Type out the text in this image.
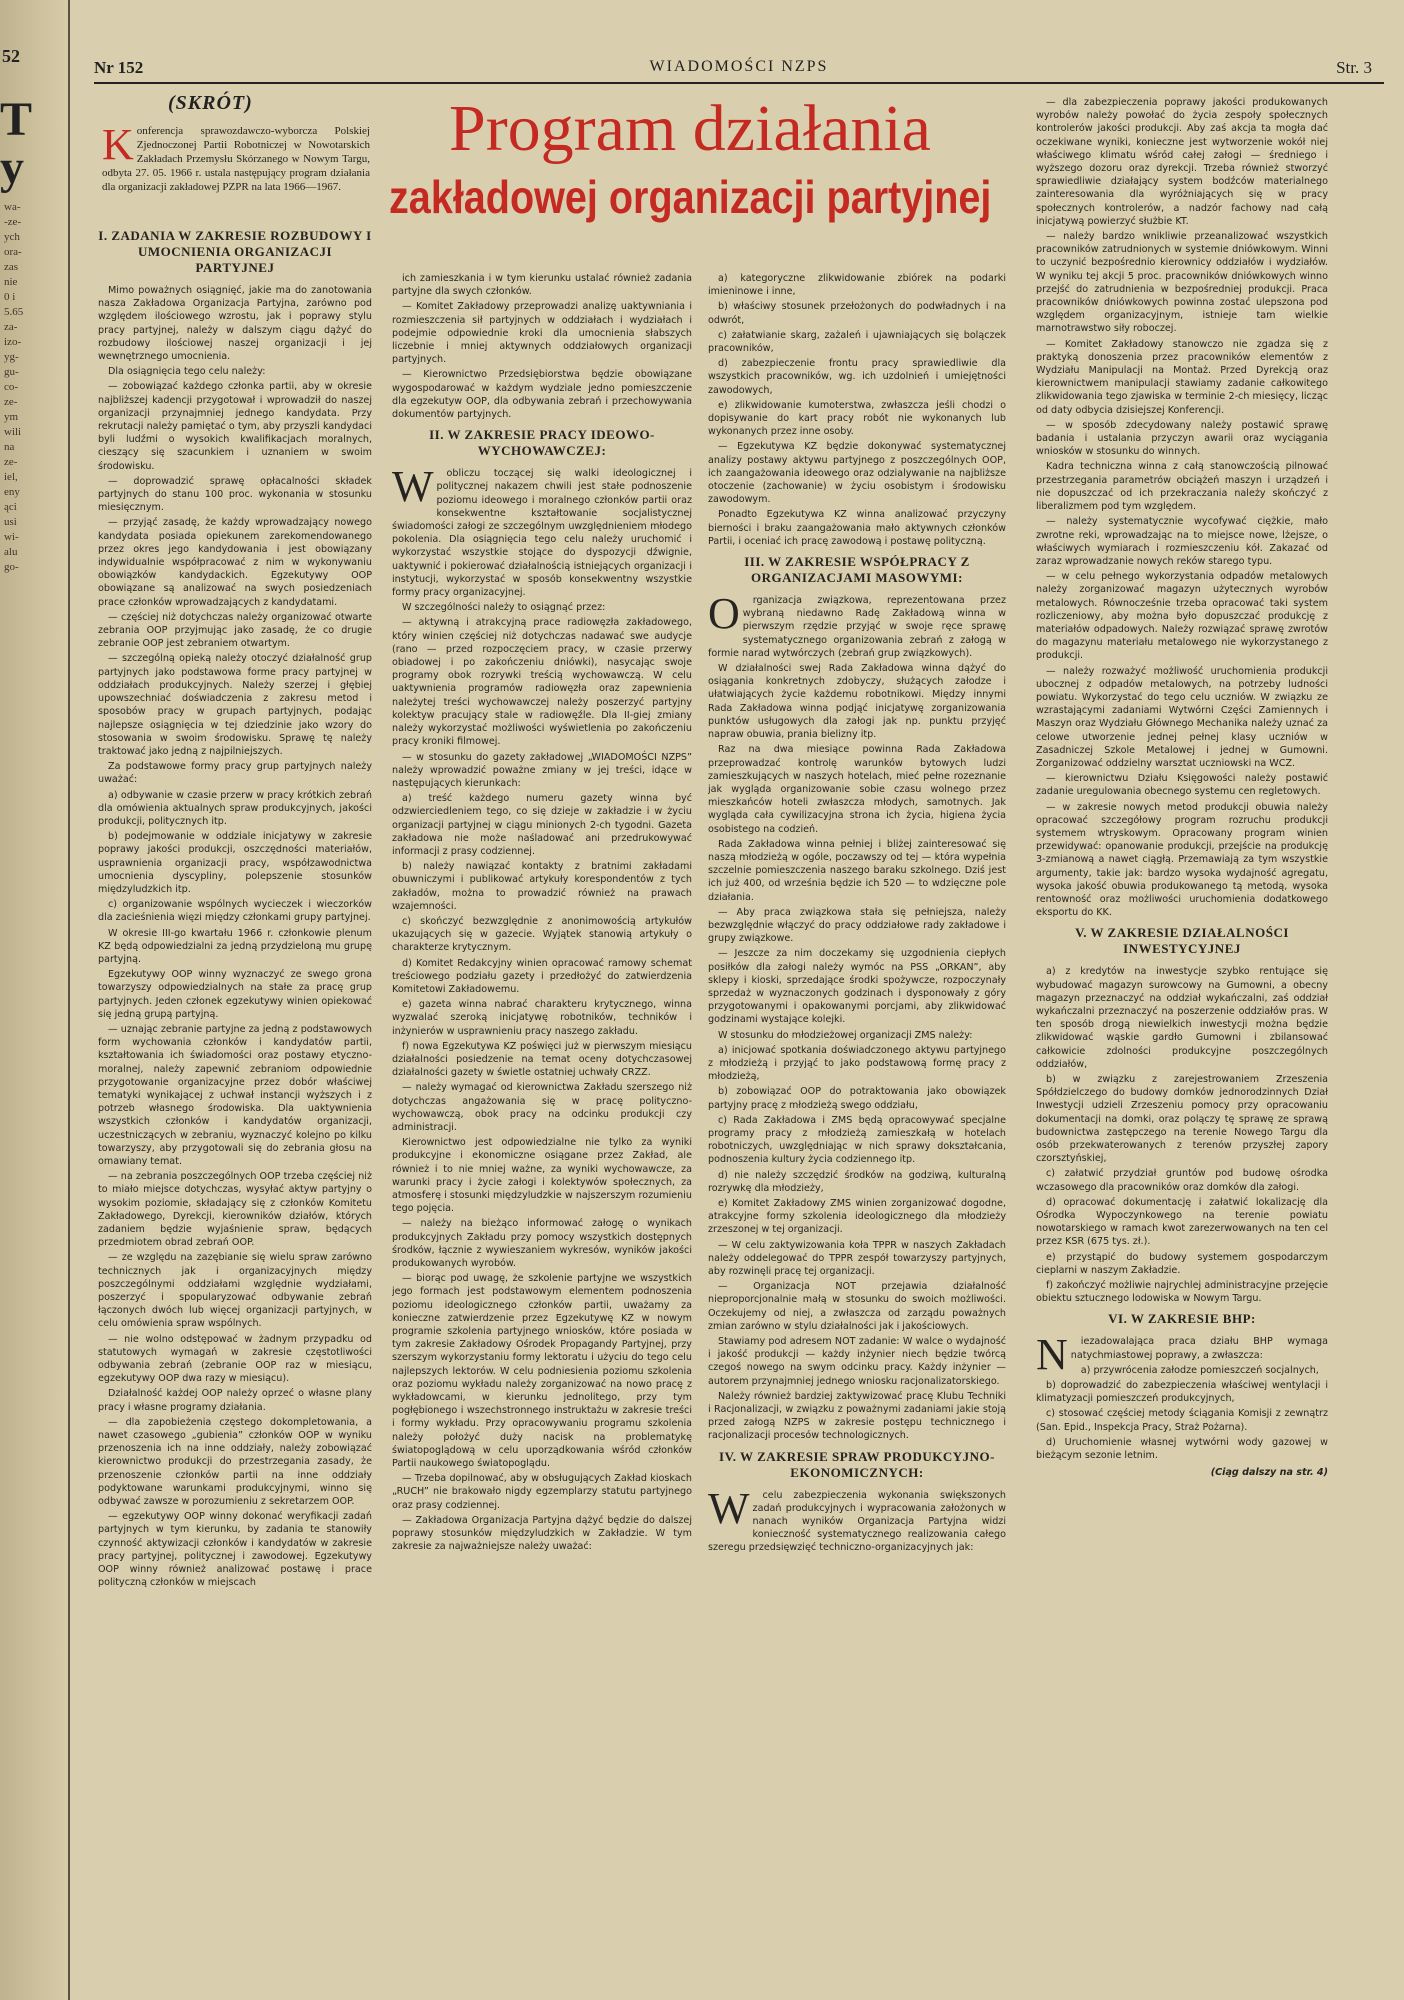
52
T
y
wa-
-ze-
ych
ora-
zas
nie
0 i
5.65
za-
izo-
yg-
gu-
co-
ze-
ym
wili
na
ze-
iel,
eny
ąci
usi
wi-
alu
go-
Nr 152	WIADOMOŚCI NZPS	Str. 3
(SKRÓT)	Program działania
zakładowej organizacji partyjnej
K onferencja sprawozdawczo-wyborcza Polskiej Zjednoczonej Partii Robotniczej w Nowotarskich Zakładach Przemysłu Skórzanego w Nowym Targu, odbyta 27. 05. 1966 r. ustala następujący program działania dla organizacji zakładowej PZPR na lata 1966—1967.

I. ZADANIA W ZAKRESIE ROZBUDOWY I UMOCNIENIA ORGANIZACJI PARTYJNEJ

Mimo poważnych osiągnięć, jakie ma do zanotowania nasza Zakładowa Organizacja Partyjna, zarówno pod względem ilościowego wzrostu, jak i poprawy stylu pracy partyjnej, należy w dalszym ciągu dążyć do rozbudowy ilościowej naszej organizacji i jej wewnętrznego umocnienia.

Dla osiągnięcia tego celu należy:

— zobowiązać każdego członka partii, aby w okresie najbliższej kadencji przygotował i wprowadził do naszej organizacji przynajmniej jednego kandydata. Przy rekrutacji należy pamiętać o tym, aby przyszli kandydaci byli ludźmi o wysokich kwalifikacjach moralnych, cieszący się szacunkiem i uznaniem w swoim środowisku.

— doprowadzić sprawę opłacalności składek partyjnych do stanu 100 proc. wykonania w stosunku miesięcznym.

— przyjąć zasadę, że każdy wprowadzający nowego kandydata posiada opiekunem zarekomendowanego przez okres jego kandydowania i jest obowiązany indywidualnie współpracować z nim w wykonywaniu obowiązków kandydackich. Egzekutywy OOP obowiązane są analizować na swych posiedzeniach prace członków wprowadzających z kandydatami.

— częściej niż dotychczas należy organizować otwarte zebrania OOP przyjmując jako zasadę, że co drugie zebranie OOP jest zebraniem otwartym.

— szczególną opieką należy otoczyć działalność grup partyjnych jako podstawowa forme pracy partyjnej w oddziałach produkcyjnych. Należy szerzej i głębiej upowszechniać doświadczenia z zakresu metod i sposobów pracy w grupach partyjnych, podając najlepsze osiągnięcia w tej dziedzinie jako wzory do stosowania w swoim środowisku. Sprawę tę należy traktować jako jedną z najpilniejszych.

Za podstawowe formy pracy grup partyjnych należy uważać:

a) odbywanie w czasie przerw w pracy krótkich zebrań dla omówienia aktualnych spraw produkcyjnych, jakości produkcji, politycznych itp.

b) podejmowanie w oddziale inicjatywy w zakresie poprawy jakości produkcji, oszczędności materiałów, usprawnienia organizacji pracy, współzawodnictwa umocnienia dyscypliny, polepszenie stosunków międzyludzkich itp.

c) organizowanie wspólnych wycieczek i wieczorków dla zacieśnienia więzi między członkami grupy partyjnej.

W okresie III-go kwartału 1966 r. członkowie plenum KZ będą odpowiedzialni za jedną przydzieloną mu grupę partyjną.

Egzekutywy OOP winny wyznaczyć ze swego grona towarzyszy odpowiedzialnych na stałe za pracę grup partyjnych. Jeden członek egzekutywy winien opiekować się jedną grupą partyjną.

— uznając zebranie partyjne za jedną z podstawowych form wychowania członków i kandydatów partii, kształtowania ich świadomości oraz postawy etyczno-moralnej, należy zapewnić zebraniom odpowiednie przygotowanie organizacyjne przez dobór właściwej tematyki wynikającej z uchwał instancji wyższych i z potrzeb własnego środowiska. Dla uaktywnienia wszystkich członków i kandydatów organizacji, uczestniczących w zebraniu, wyznaczyć kolejno po kilku towarzyszy, aby przygotowali się do zebrania głosu na omawiany temat.

— na zebrania poszczególnych OOP trzeba częściej niż to miało miejsce dotychczas, wysyłać aktyw partyjny o wysokim poziomie, składający się z członków Komitetu Zakładowego, Dyrekcji, kierowników działów, których zadaniem będzie wyjaśnienie spraw, będących przedmiotem obrad zebrań OOP.

— ze względu na zazębianie się wielu spraw zarówno technicznych jak i organizacyjnych między poszczególnymi oddziałami względnie wydziałami, poszerzyć i spopularyzować odbywanie zebrań łączonych dwóch lub więcej organizacji partyjnych, w celu omówienia spraw wspólnych.

— nie wolno odstępować w żadnym przypadku od statutowych wymagań w zakresie częstotliwości odbywania zebrań (zebranie OOP raz w miesiącu, egzekutywy OOP dwa razy w miesiącu).

Działalność każdej OOP należy oprzeć o własne plany pracy i własne programy działania.

— dla zapobieżenia częstego dokompletowania, a nawet czasowego „gubienia” członków OOP w wyniku przenoszenia ich na inne oddziały, należy zobowiązać kierownictwo produkcji do przestrzegania zasady, że przenoszenie członków partii na inne oddziały podyktowane warunkami produkcyjnymi, winno się odbywać zawsze w porozumieniu z sekretarzem OOP.

— egzekutywy OOP winny dokonać weryfikacji zadań partyjnych w tym kierunku, by zadania te stanowiły czynność aktywizacji członków i kandydatów w zakresie pracy partyjnej, politycznej i zawodowej. Egzekutywy OOP winny również analizować postawę i prace polityczną członków w miejscach

ich zamieszkania i w tym kierunku ustalać również zadania partyjne dla swych członków.

— Komitet Zakładowy przeprowadzi analizę uaktywniania i rozmieszczenia sił partyjnych w oddziałach i wydziałach i podejmie odpowiednie kroki dla umocnienia słabszych liczebnie i mniej aktywnych oddziałowych organizacji partyjnych.

— Kierownictwo Przedsiębiorstwa będzie obowiązane wygospodarować w każdym wydziale jedno pomieszczenie dla egzekutyw OOP, dla odbywania zebrań i przechowywania dokumentów partyjnych.

II. W ZAKRESIE PRACY IDEOWO-WYCHOWAWCZEJ:
W	obliczu toczącej się walki ideologicznej i politycznej nakazem chwili jest stałe podnoszenie poziomu ideowego i moralnego członków partii oraz konsekwentne kształtowanie socjalistycznej świadomości załogi ze szczególnym uwzględnieniem młodego pokolenia. Dla osiągnięcia tego celu należy uruchomić i wykorzystać wszystkie stojące do dyspozycji dźwignie, uaktywnić i pokierować działalnością istniejących organizacji i instytucji, wykorzystać w sposób konsekwentny wszystkie formy pracy organizacyjnej.

W szczególności należy to osiągnąć przez:

— aktywną i atrakcyjną prace radiowęzła zakładowego, który winien częściej niż dotychczas nadawać swe audycje (rano — przed rozpoczęciem pracy, w czasie przerwy obiadowej i po zakończeniu dniówki), nasycając swoje programy obok rozrywki treścią wychowawczą. W celu uaktywnienia programów radiowęzła oraz zapewnienia należytej treści wychowawczej należy poszerzyć partyjny kolektyw pracujący stale w radiowęźle. Dla II-giej zmiany należy wykorzystać możliwości wyświetlenia po zakończeniu pracy kroniki filmowej.

— w stosunku do gazety zakładowej „WIADOMOŚCI NZPS” należy wprowadzić poważne zmiany w jej treści, idące w następujących kierunkach:

a) treść każdego numeru gazety winna być odzwierciedleniem tego, co się dzieje w zakładzie i w życiu organizacji partyjnej w ciągu minionych 2-ch tygodni. Gazeta zakładowa nie może naśladować ani przedrukowywać informacji z prasy codziennej.

b) należy nawiązać kontakty z bratnimi zakładami obuwniczymi i publikować artykuły korespondentów z tych zakładów, można to prowadzić również na prawach wzajemności.

c) skończyć bezwzględnie z anonimowością artykułów ukazujących się w gazecie. Wyjątek stanowią artykuły o charakterze krytycznym.

d) Komitet Redakcyjny winien opracować ramowy schemat treściowego podziału gazety i przedłożyć do zatwierdzenia Komitetowi Zakładowemu.

e) gazeta winna nabrać charakteru krytycznego, winna wyzwalać szeroką inicjatywę robotników, techników i inżynierów w usprawnieniu pracy naszego zakładu.

f) nowa Egzekutywa KZ poświęci już w pierwszym miesiącu działalności posiedzenie na temat oceny dotychczasowej działalności gazety w świetle ostatniej uchwały CRZZ.

— należy wymagać od kierownictwa Zakładu szerszego niż dotychczas angażowania się w pracę polityczno-wychowawczą, obok pracy na odcinku produkcji czy administracji.

Kierownictwo jest odpowiedzialne nie tylko za wyniki produkcyjne i ekonomiczne osiągane przez Zakład, ale również i to nie mniej ważne, za wyniki wychowawcze, za warunki pracy i życie załogi i kolektywów społecznych, za atmosferę i stosunki międzyludzkie w najszerszym rozumieniu tego pojęcia.

— należy na bieżąco informować załogę o wynikach produkcyjnych Zakładu przy pomocy wszystkich dostępnych środków, łącznie z wywieszaniem wykresów, wyników jakości produkowanych wyrobów.

— biorąc pod uwagę, że szkolenie partyjne we wszystkich jego formach jest podstawowym elementem podnoszenia poziomu ideologicznego członków partii, uważamy za konieczne zatwierdzenie przez Egzekutywę KZ w nowym programie szkolenia partyjnego wniosków, które posiada w tym zakresie Zakładowy Ośrodek Propagandy Partyjnej, przy szerszym wykorzystaniu formy lektoratu i użyciu do tego celu najlepszych lektorów. W celu podniesienia poziomu szkolenia oraz poziomu wykładu należy zorganizować na nowo pracę z wykładowcami, w kierunku jednolitego, przy tym pogłębionego i wszechstronnego instruktażu w zakresie treści i formy wykładu. Przy opracowywaniu programu szkolenia należy położyć duży nacisk na problematykę światopoglądową w celu uporządkowania wśród członków Partii naukowego światopoglądu.

— Trzeba dopilnować, aby w obsługujących Zakład kioskach „RUCH” nie brakowało nigdy egzemplarzy statutu partyjnego oraz prasy codziennej.

— Zakładowa Organizacja Partyjna dążyć będzie do dalszej poprawy stosunków międzyludzkich w Zakładzie. W tym zakresie za najważniejsze należy uważać:

a) kategoryczne zlikwidowanie zbiórek na podarki imieninowe i inne,

b) właściwy stosunek przełożonych do podwładnych i na odwrót,

c) załatwianie skarg, zażaleń i ujawniających się bolączek pracowników,

d) zabezpieczenie frontu pracy sprawiedliwie dla wszystkich pracowników, wg. ich uzdolnień i umiejętności zawodowych,

e) zlikwidowanie kumoterstwa, zwłaszcza jeśli chodzi o dopisywanie do kart pracy robót nie wykonanych lub wykonanych przez inne osoby.

— Egzekutywa KZ będzie dokonywać systematycznej analizy postawy aktywu partyjnego z poszczególnych OOP, ich zaangażowania ideowego oraz odzialywanie na najbliższe otoczenie (zachowanie) w życiu osobistym i środowisku zawodowym.

Ponadto Egzekutywa KZ winna analizować przyczyny bierności i braku zaangażowania mało aktywnych członków Partii, i oceniać ich pracę zawodową i postawę polityczną.

III. W ZAKRESIE WSPÓŁPRACY Z ORGANIZACJAMI MASOWYMI:
O	rganizacja związkowa, reprezentowana przez wybraną niedawno Radę Zakładową winna w pierwszym rzędzie przyjąć w swoje ręce sprawę systematycznego organizowania zebrań z załogą w formie narad wytwórczych (zebrań grup związkowych).

W działalności swej Rada Zakładowa winna dążyć do osiągania konkretnych zdobyczy, służących załodze i ułatwiających życie każdemu robotnikowi. Między innymi Rada Zakładowa winna podjąć inicjatywę zorganizowania punktów usługowych dla załogi jak np. punktu przyjęć napraw obuwia, prania bielizny itp.

Raz na dwa miesiące powinna Rada Zakładowa przeprowadzać kontrolę warunków bytowych ludzi zamieszkujących w naszych hotelach, mieć pełne rozeznanie jak wygląda organizowanie sobie czasu wolnego przez mieszkańców hoteli zwłaszcza młodych, samotnych. Jak wygląda cała cywilizacyjna strona ich życia, higiena życia osobistego na codzień.

Rada Zakładowa winna pełniej i bliżej zainteresować się naszą młodzieżą w ogóle, poczawszy od tej — która wypełnia szczelnie pomieszczenia naszego baraku szkolnego. Dziś jest ich już 400, od września będzie ich 520 — to wdzięczne pole działania.

— Aby praca związkowa stała się pełniejsza, należy bezwzględnie włączyć do pracy oddziałowe rady zakładowe i grupy związkowe.

— Jeszcze za nim doczekamy się uzgodnienia ciepłych posiłków dla załogi należy wymóc na PSS „ORKAN”, aby sklepy i kioski, sprzedające środki spożywcze, rozpoczynały sprzedaż w wyznaczonych godzinach i dysponowały z góry przygotowanymi i opakowanymi porcjami, aby zlikwidować godzinami wystające kolejki.

W stosunku do młodzieżowej organizacji ZMS należy:

a) inicjować spotkania doświadczonego aktywu partyjnego z młodzieżą i przyjąć to jako podstawową formę pracy z młodzieżą,

b) zobowiązać OOP do potraktowania jako obowiązek partyjny pracę z młodzieżą swego oddziału,

c) Rada Zakładowa i ZMS będą opracowywać specjalne programy pracy z młodzieżą zamieszkałą w hotelach robotniczych, uwzględniając w nich sprawy dokształcania, podnoszenia kultury życia codziennego itp.

d) nie należy szczędzić środków na godziwą, kulturalną rozrywkę dla młodzieży,

e) Komitet Zakładowy ZMS winien zorganizować dogodne, atrakcyjne formy szkolenia ideologicznego dla młodzieży zrzeszonej w tej organizacji.

— W celu zaktywizowania koła TPPR w naszych Zakładach należy oddelegować do TPPR zespół towarzyszy partyjnych, aby rozwinęli pracę tej organizacji.

— Organizacja NOT przejawia działalność nieproporcjonalnie małą w stosunku do swoich możliwości. Oczekujemy od niej, a zwłaszcza od zarządu poważnych zmian zarówno w stylu działalności jak i jakościowych.

Stawiamy pod adresem NOT zadanie: W walce o wydajność i jakość produkcji — każdy inżynier niech będzie twórcą czegoś nowego na swym odcinku pracy. Każdy inżynier — autorem przynajmniej jednego wniosku racjonalizatorskiego.

Należy również bardziej zaktywizować pracę Klubu Techniki i Racjonalizacji, w związku z poważnymi zadaniami jakie stoją przed załogą NZPS w zakresie postępu technicznego i racjonalizacji procesów technologicznych.

IV. W ZAKRESIE SPRAW PRODUKCYJNO-EKONOMICZNYCH:
W	celu zabezpieczenia wykonania swiększonych zadań produkcyjnych i wypracowania założonych w nanach wyników Organizacja Partyjna widzi konieczność systematycznego realizowania całego szeregu przedsięwzięć techniczno-organizacyjnych jak:

— dla zabezpieczenia poprawy jakości produkowanych wyrobów należy powołać do życia zespoły społecznych kontrolerów jakości produkcji. Aby zaś akcja ta mogła dać oczekiwane wyniki, konieczne jest wytworzenie wokół niej właściwego klimatu wśród całej załogi — średniego i wyższego dozoru oraz dyrekcji. Trzeba również stworzyć sprawiedliwie działający system bodźców materialnego zainteresowania dla wyróżniających się w pracy społecznych kontrolerów, a nadzór fachowy nad całą inicjatywą powierzyć służbie KT.

— należy bardzo wnikliwie przeanalizować wszystkich pracowników zatrudnionych w systemie dniówkowym. Winni to uczynić bezpośrednio kierownicy oddziałów i wydziałów. W wyniku tej akcji 5 proc. pracowników dniówkowych winno przejść do zatrudnienia w bezpośredniej produkcji. Praca pracowników dniówkowych powinna zostać ulepszona pod względem organizacyjnym, istnieje tam wielkie marnotrawstwo siły roboczej.

— Komitet Zakładowy stanowczo nie zgadza się z praktyką donoszenia przez pracowników elementów z Wydziału Manipulacji na Montaż. Przed Dyrekcją oraz kierownictwem manipulacji stawiamy zadanie całkowitego zlikwidowania tego zjawiska w terminie 2-ch miesięcy, licząc od daty odbycia dzisiejszej Konferencji.

— w sposób zdecydowany należy postawić sprawę badania i ustalania przyczyn awarii oraz wyciągania wniosków w stosunku do winnych.

Kadra techniczna winna z całą stanowczością pilnować przestrzegania parametrów obciążeń maszyn i urządzeń i nie dopuszczać od ich przekraczania należy skończyć z liberalizmem pod tym względem.

— należy systematycznie wycofywać ciężkie, mało zwrotne reki, wprowadzając na to miejsce nowe, lżejsze, o właściwych wymiarach i rozmieszczeniu kół. Zakazać od zaraz wprowadzanie nowych reków starego typu.

— w celu pełnego wykorzystania odpadów metalowych należy zorganizować magazyn użytecznych wyrobów metalowych. Równocześnie trzeba opracować taki system rozliczeniowy, aby można było dopuszczać produkcję z materiałów odpadowych. Należy rozwiązać sprawę zwrotów do magazynu materiału metalowego nie wykorzystanego z produkcji.

— należy rozważyć możliwość uruchomienia produkcji ubocznej z odpadów metalowych, na potrzeby ludności powiatu. Wykorzystać do tego celu uczniów. W związku ze wzrastającymi zadaniami Wytwórni Części Zamiennych i Maszyn oraz Wydziału Głównego Mechanika należy uznać za celowe utworzenie jednej pełnej klasy uczniów w Zasadniczej Szkole Metalowej i jednej w Gumowni. Zorganizować oddzielny warsztat uczniowski na WCZ.

— kierownictwu Działu Księgowości należy postawić zadanie uregulowania obecnego systemu cen regletowych.

— w zakresie nowych metod produkcji obuwia należy opracować szczegółowy program rozruchu produkcji systemem wtryskowym. Opracowany program winien przewidywać: opanowanie produkcji, przejście na produkcję 3-zmianową a nawet ciągłą. Przemawiają za tym wszystkie argumenty, takie jak: bardzo wysoka wydajność agregatu, wysoka jakość obuwia produkowanego tą metodą, wysoka rentowność oraz możliwości uruchomienia dodatkowego eksportu do KK.

V. W ZAKRESIE DZIAŁALNOŚCI INWESTYCYJNEJ

a) z kredytów na inwestycje szybko rentujące się wybudować magazyn surowcowy na Gumowni, a obecny magazyn przeznaczyć na oddział wykańczalni, zaś oddział wykańczalni przeznaczyć na poszerzenie oddziałów pras. W ten sposób drogą niewielkich inwestycji można będzie zlikwidować wąskie gardło Gumowni i zbilansować całkowicie zdolności produkcyjne poszczególnych oddziałów,

b) w związku z zarejestrowaniem Zrzeszenia Spółdzielczego do budowy domków jednorodzinnych Dział Inwestycji udzieli Zrzeszeniu pomocy przy opracowaniu dokumentacji na domki, oraz polączy tę sprawę ze sprawą budownictwa zastępczego na terenie Nowego Targu dla osób przekwaterowanych z terenów przyszłej zapory czorsztyńskiej,

c) załatwić przydział gruntów pod budowę ośrodka wczasowego dla pracowników oraz domków dla załogi.

d) opracować dokumentację i załatwić lokalizację dla Ośrodka Wypoczynkowego na terenie powiatu nowotarskiego w ramach kwot zarezerwowanych na ten cel przez KSR (675 tys. zł.).

e) przystąpić do budowy systemem gospodarczym cieplarni w naszym Zakładzie.

f) zakończyć możliwie najrychlej administracyjne przejęcie obiektu sztucznego lodowiska w Nowym Targu.

VI. W ZAKRESIE BHP:
N	iezadowalająca praca działu BHP wymaga natychmiastowej poprawy, a zwłaszcza:

a) przywrócenia załodze pomieszczeń socjalnych,

b) doprowadzić do zabezpieczenia właściwej wentylacji i klimatyzacji pomieszczeń produkcyjnych,

c) stosować częściej metody ściągania Komisji z zewnątrz (San. Epid., Inspekcja Pracy, Straż Pożarna).

d) Uruchomienie własnej wytwórni wody gazowej w bieżącym sezonie letnim.

(Ciąg dalszy na str. 4)
